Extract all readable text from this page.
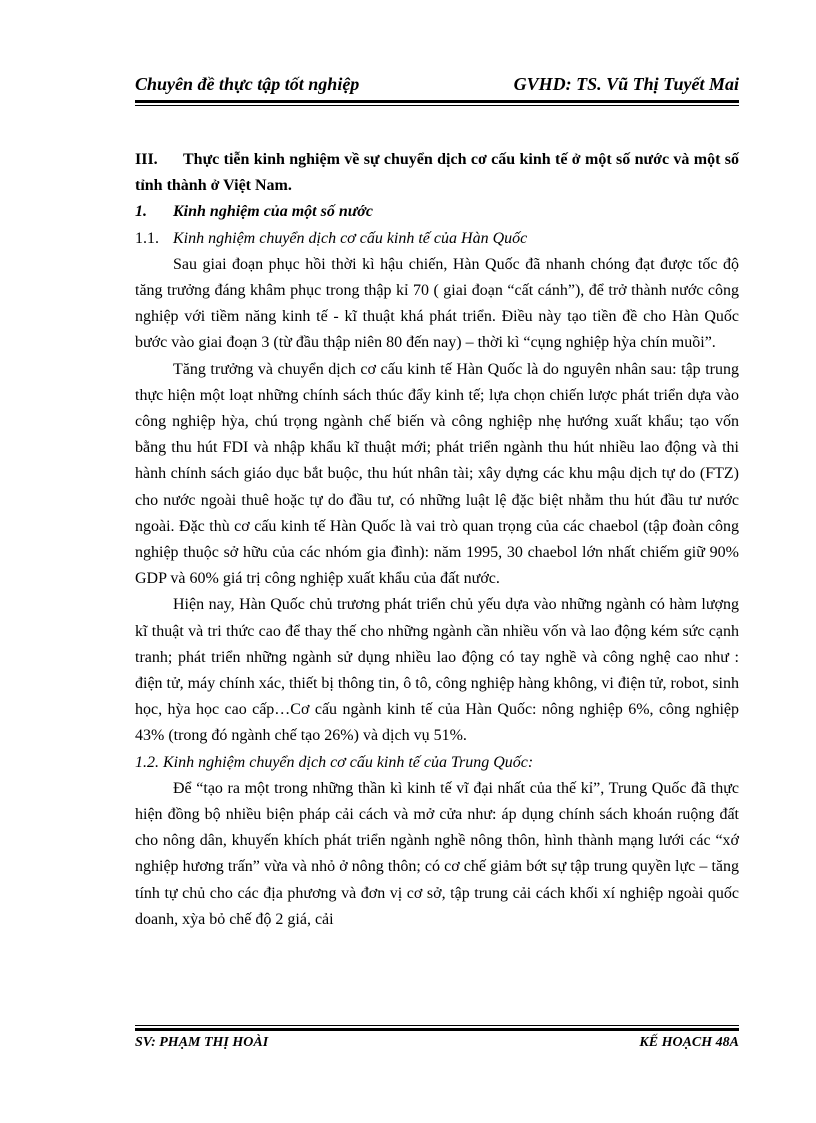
Chuyên đề thực tập tốt nghiệp	GVHD: TS. Vũ Thị Tuyết Mai

III. Thực tiễn kinh nghiệm về sự chuyển dịch cơ cấu kinh tế ở một số nước và một số tỉnh thành ở Việt Nam.

1. Kinh nghiệm của một số nước

1.1. Kinh nghiệm chuyển dịch cơ cấu kinh tế của Hàn Quốc

Sau giai đoạn phục hồi thời kì hậu chiến, Hàn Quốc đã nhanh chóng đạt được tốc độ tăng trưởng đáng khâm phục trong thập kỉ 70 ( giai đoạn “cất cánh”), để trở thành nước công nghiệp với tiềm năng kinh tế - kĩ thuật khá phát triển. Điều này tạo tiền đề cho Hàn Quốc bước vào giai đoạn 3 (từ đầu thập niên 80 đến nay) – thời kì “cụng nghiệp hỳa chín muồi”.

Tăng trưởng và chuyển dịch cơ cấu kinh tế Hàn Quốc là do nguyên nhân sau: tập trung thực hiện một loạt những chính sách thúc đẩy kinh tế; lựa chọn chiến lược phát triển dựa vào công nghiệp hỳa, chú trọng ngành chế biến và công nghiệp nhẹ hướng xuất khẩu; tạo vốn bằng thu hút FDI và nhập khẩu kĩ thuật mới; phát triển ngành thu hút nhiều lao động và thi hành chính sách giáo dục bắt buộc, thu hút nhân tài; xây dựng các khu mậu dịch tự do (FTZ) cho nước ngoài thuê hoặc tự do đầu tư, có những luật lệ đặc biệt nhằm thu hút đầu tư nước ngoài. Đặc thù cơ cấu kinh tế Hàn Quốc là vai trò quan trọng của các chaebol (tập đoàn công nghiệp thuộc sở hữu của các nhóm gia đình): năm 1995, 30 chaebol lớn nhất chiếm giữ 90% GDP và 60% giá trị công nghiệp xuất khẩu của đất nước.

Hiện nay, Hàn Quốc chủ trương phát triển chủ yếu dựa vào những ngành có hàm lượng kĩ thuật và tri thức cao để thay thế cho những ngành cần nhiều vốn và lao động kém sức cạnh tranh; phát triển những ngành sử dụng nhiều lao động có tay nghề và công nghệ cao như : điện tử, máy chính xác, thiết bị thông tin, ô tô, công nghiệp hàng không, vi điện tử, robot, sinh học, hỳa học cao cấp…Cơ cấu ngành kinh tế của Hàn Quốc: nông nghiệp 6%, công nghiệp 43% (trong đó ngành chế tạo 26%) và dịch vụ 51%.

1.2. Kinh nghiệm chuyển dịch cơ cấu kinh tế của Trung Quốc:

Để “tạo ra một trong những thần kì kinh tế vĩ đại nhất của thế kỉ”, Trung Quốc đã thực hiện đồng bộ nhiều biện pháp cải cách và mở cửa như: áp dụng chính sách khoán ruộng đất cho nông dân, khuyến khích phát triển ngành nghề nông thôn, hình thành mạng lưới các “xớ nghiệp hương trấn” vừa và nhỏ ở nông thôn; có cơ chế giảm bớt sự tập trung quyền lực – tăng tính tự chủ cho các địa phương và đơn vị cơ sở, tập trung cải cách khối xí nghiệp ngoài quốc doanh, xỳa bỏ chế độ 2 giá, cải

SV: PHẠM THỊ HOÀI	KẾ HOẠCH 48A
